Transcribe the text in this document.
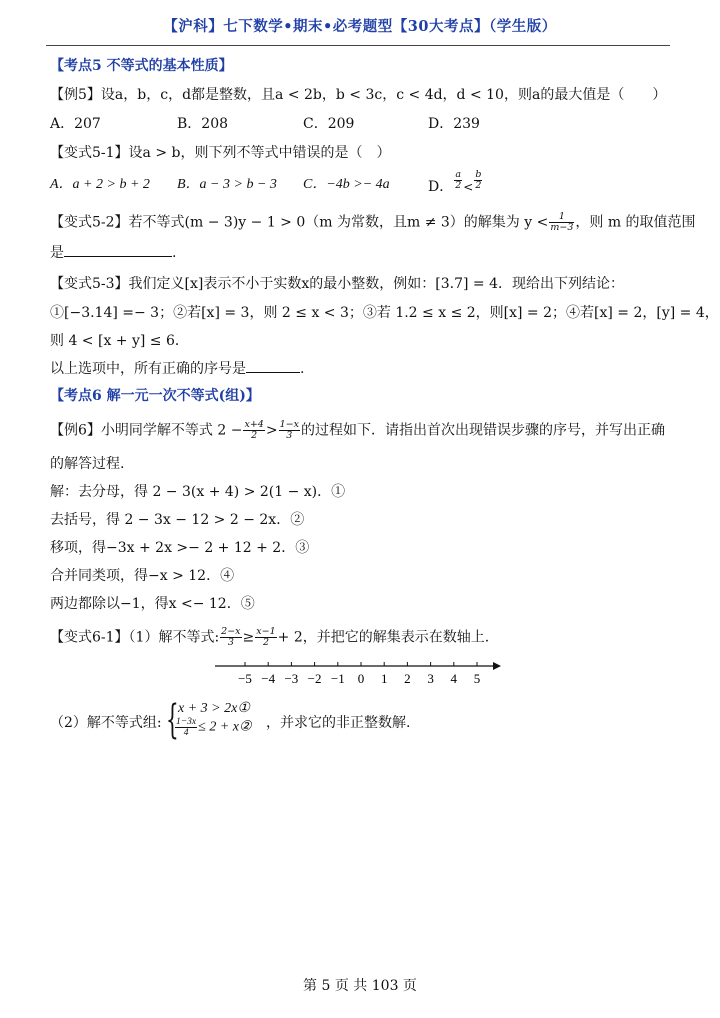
【沪科】七下数学•期末•必考题型【30大考点】（学生版）
【考点5 不等式的基本性质】
【例5】设a，b，c，d都是整数，且a < 2b，b < 3c，c < 4d，d < 10，则a的最大值是（　　）
A．207	B．208	C．209	D．239
【变式5-1】设a > b，则下列不等式中错误的是（　）
A．a + 2 > b + 2 B．a − 3 > b − 3 C．−4b >− 4a	D． $\frac{a}{2} < \frac{b}{2}$
【变式5-2】若不等式(m − 3)y − 1 > 0（m 为常数，且m ≠ 3）的解集为 $y < \frac{1}{m-3}$ ，则 m 的取值范围
是	.
【变式5-3】我们定义[x]表示不小于实数x的最小整数，例如：[3.7] = 4．现给出下列结论：
①[−3.14] =− 3；②若[x] = 3，则 2 ≤ x < 3；③若 1.2 ≤ x ≤ 2，则[x] = 2；④若[x] = 2，[y] = 4，
则 4 < [x + y] ≤ 6．
以上选项中，所有正确的序号是	.
【考点6 解一元一次不等式(组)】
【例6】小明同学解不等式 $2 - \frac{x+4}{2} > \frac{1-x}{3}$ 的过程如下．请指出首次出现错误步骤的序号，并写出正确
的解答过程.
解：去分母，得 2 − 3(x + 4) > 2(1 − x)．①
去括号，得 2 − 3x − 12 > 2 − 2x．②
移项，得−3x + 2x >− 2 + 12 + 2．③
合并同类项，得−x > 12．④
两边都除以−1，得x <− 12．⑤
【变式6-1】（1）解不等式: $\frac{2-x}{3} \ge \frac{x-1}{2} + 2$，并把它的解集表示在数轴上.
−5 −4 −3 −2 −1 0 1 2 3 4 5
（2）解不等式组: { x + 3 > 2x①
$\frac{1-3x}{4} \le 2$ + x② ，并求它的非正整数解.
第 5 页 共 103 页
